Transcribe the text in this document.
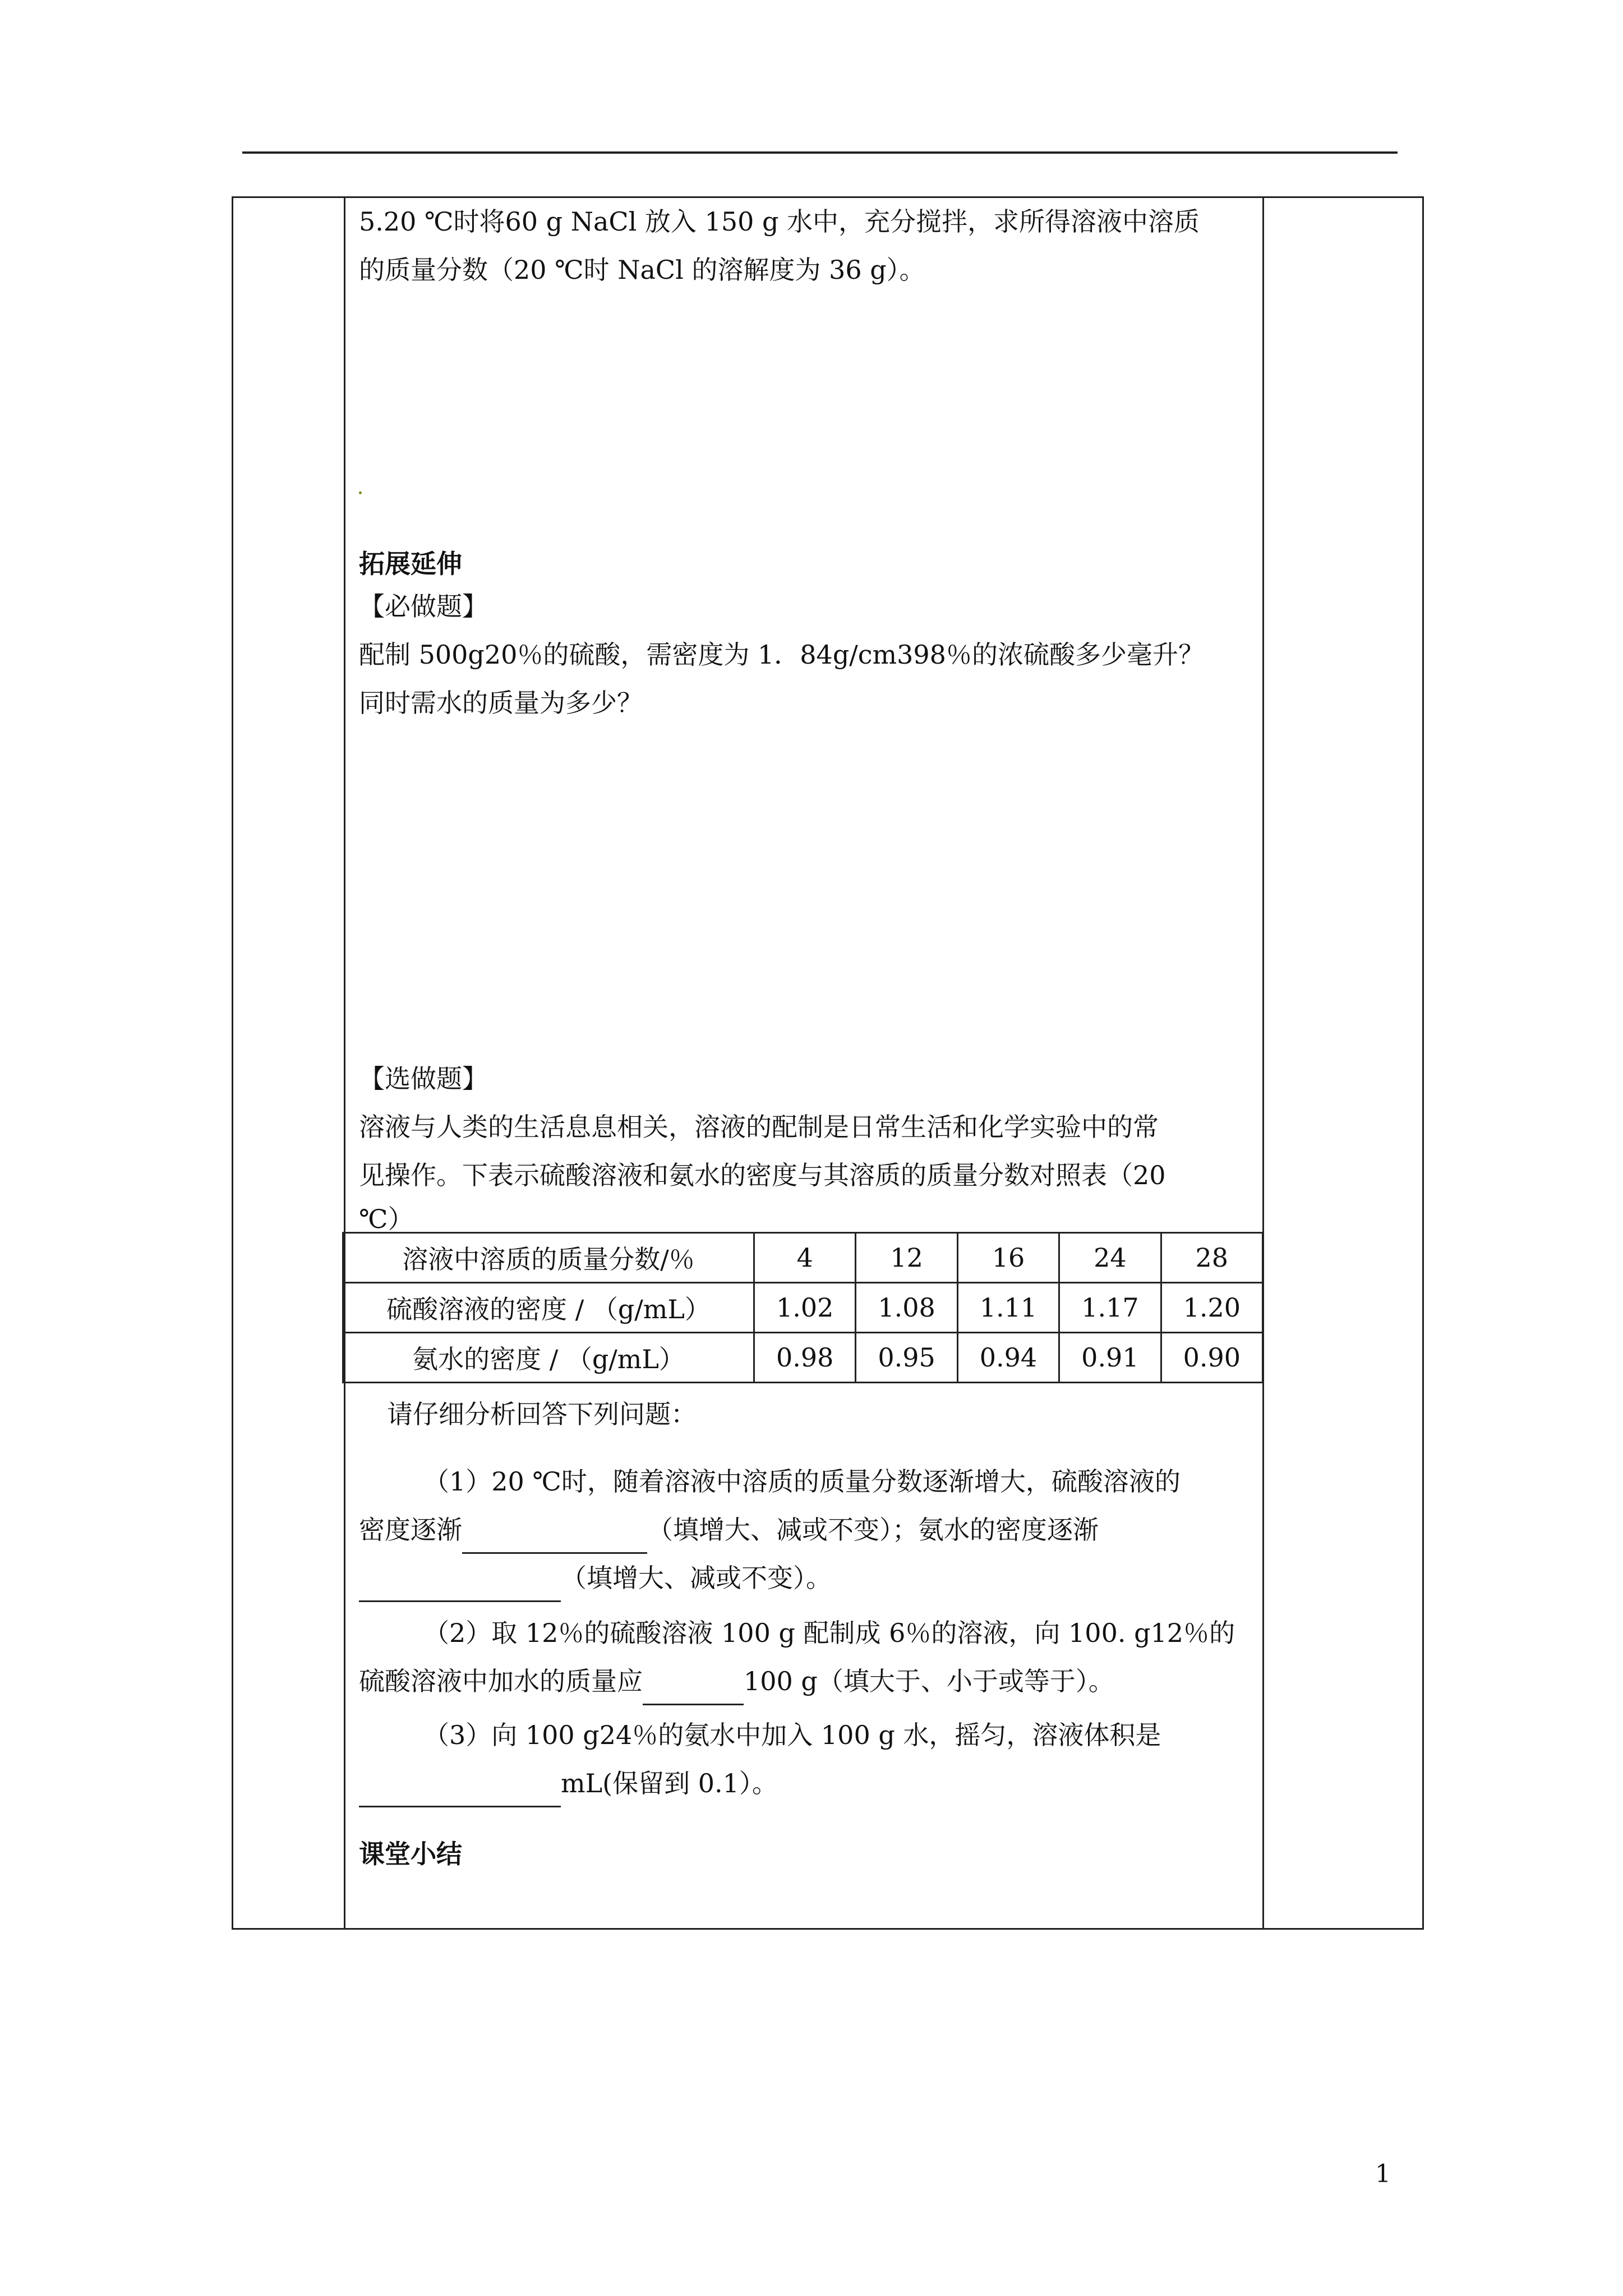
5.20 ℃时将60 g NaCl 放入 150 g 水中，充分搅拌，求所得溶液中溶质
的质量分数（20 ℃时 NaCl 的溶解度为 36 g）。
拓展延伸
【必做题】
配制 500g20％的硫酸，需密度为 1．84g/cm398％的浓硫酸多少毫升？
同时需水的质量为多少？
【选做题】
溶液与人类的生活息息相关，溶液的配制是日常生活和化学实验中的常
见操作。下表示硫酸溶液和氨水的密度与其溶质的质量分数对照表（20
℃）
溶液中溶质的质量分数/％	4	12	16	24	28
硫酸溶液的密度 / （g/mL）	1.02	1.08	1.11	1.17	1.20
氨水的密度 / （g/mL）	0.98	0.95	0.94	0.91	0.90
请仔细分析回答下列问题：
（1）20 ℃时，随着溶液中溶质的质量分数逐渐增大，硫酸溶液的
密度逐渐	（填增大、减或不变）；氨水的密度逐渐
（填增大、减或不变）。
（2）取 12％的硫酸溶液 100 g 配制成 6％的溶液，向 100. g12％的
硫酸溶液中加水的质量应	100 g（填大于、小于或等于）。
（3）向 100 g24％的氨水中加入 100 g 水，摇匀，溶液体积是
mL(保留到 0.1）。
课堂小结
1
